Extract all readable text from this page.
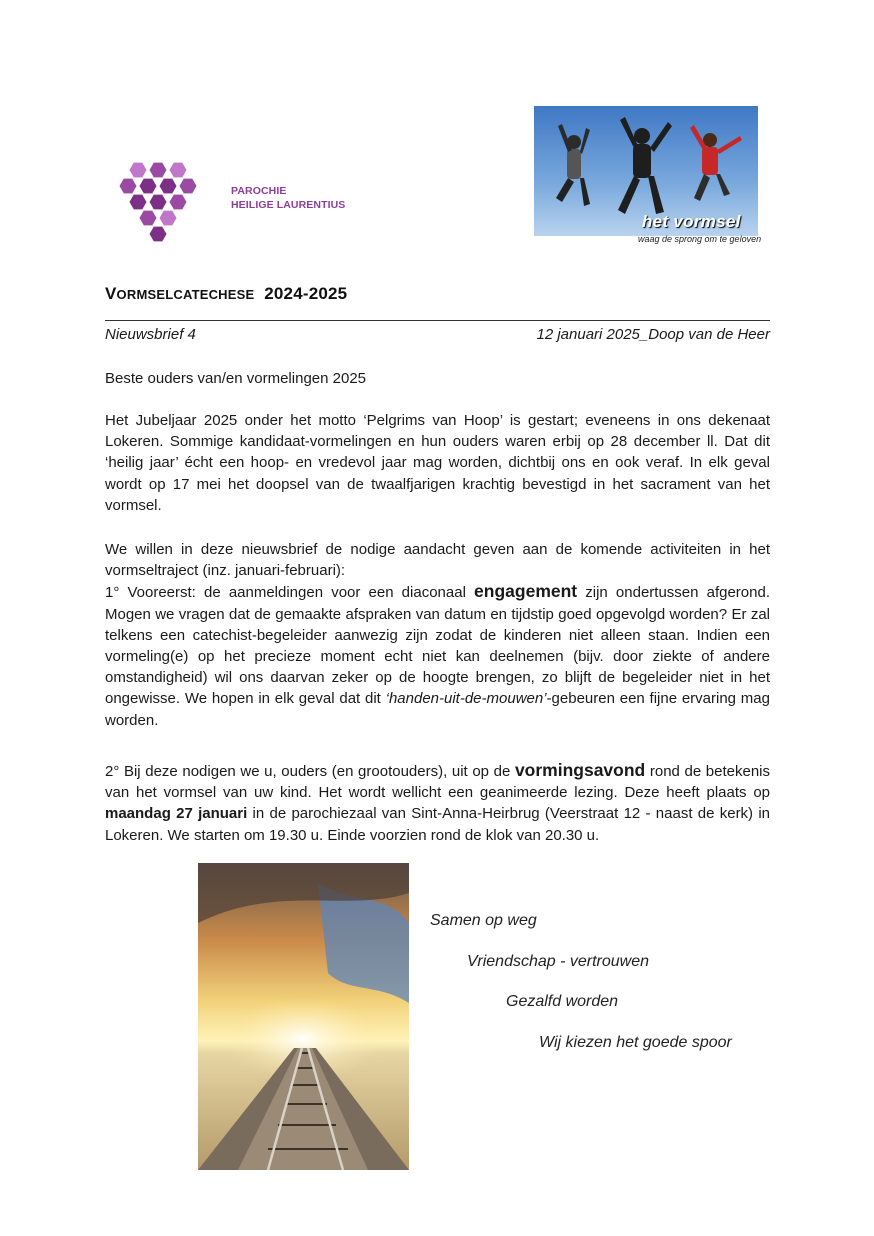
PAROCHIE
HEILIGE LAURENTIUS
het vormsel
waag de sprong om te geloven
VORMSELCATECHESE 2024-2025
Nieuwsbrief 4	12 januari 2025_Doop van de Heer
Beste ouders van/en vormelingen 2025
Het Jubeljaar 2025 onder het motto ‘Pelgrims van Hoop’ is gestart; eveneens in ons dekenaat Lokeren. Sommige kandidaat-vormelingen en hun ouders waren erbij op 28 december ll. Dat dit ‘heilig jaar’ écht een hoop- en vredevol jaar mag worden, dichtbij ons en ook veraf. In elk geval wordt op 17 mei het doopsel van de twaalfjarigen krachtig bevestigd in het sacrament van het vormsel.
We willen in deze nieuwsbrief de nodige aandacht geven aan de komende activiteiten in het vormseltraject (inz. januari-februari):
1° Vooreerst: de aanmeldingen voor een diaconaal engagement zijn ondertussen afgerond. Mogen we vragen dat de gemaakte afspraken van datum en tijdstip goed opgevolgd worden? Er zal telkens een catechist-begeleider aanwezig zijn zodat de kinderen niet alleen staan. Indien een vormeling(e) op het precieze moment echt niet kan deelnemen (bijv. door ziekte of andere omstandigheid) wil ons daarvan zeker op de hoogte brengen, zo blijft de begeleider niet in het ongewisse. We hopen in elk geval dat dit ‘handen-uit-de-mouwen’-gebeuren een fijne ervaring mag worden.
2° Bij deze nodigen we u, ouders (en grootouders), uit op de vormingsavond rond de betekenis van het vormsel van uw kind. Het wordt wellicht een geanimeerde lezing. Deze heeft plaats op maandag 27 januari in de parochiezaal van Sint-Anna-Heirbrug (Veerstraat 12 - naast de kerk) in Lokeren. We starten om 19.30 u. Einde voorzien rond de klok van 20.30 u.
Samen op weg
Vriendschap - vertrouwen
Gezalfd worden
Wij kiezen het goede spoor
